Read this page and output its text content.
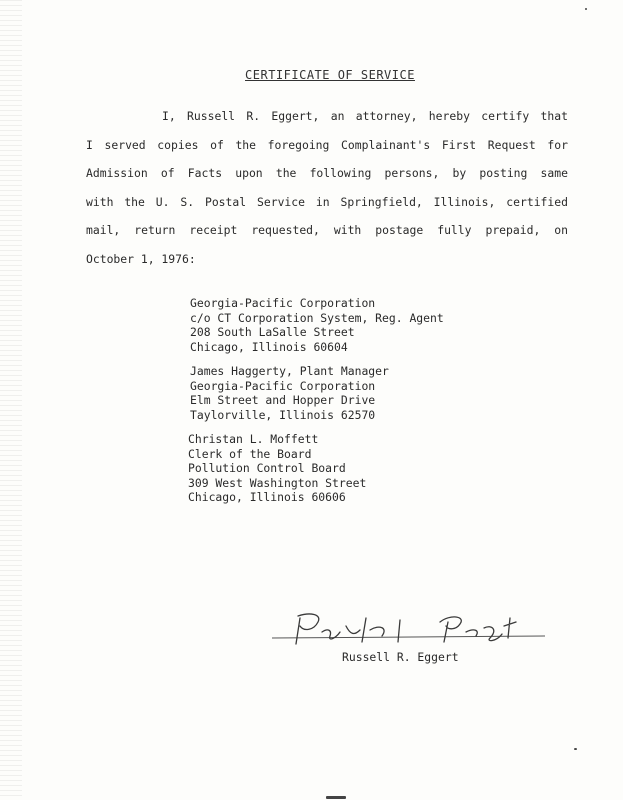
CERTIFICATE OF SERVICE
I, Russell R. Eggert, an attorney, hereby certify that
I served copies of the foregoing Complainant's First Request for
Admission of Facts upon the following persons, by posting same
with the U. S. Postal Service in Springfield, Illinois, certified
mail, return receipt requested, with postage fully prepaid, on
October 1, 1976:
Georgia-Pacific Corporation
c/o CT Corporation System, Reg. Agent
208 South LaSalle Street
Chicago, Illinois 60604
James Haggerty, Plant Manager
Georgia-Pacific Corporation
Elm Street and Hopper Drive
Taylorville, Illinois 62570
Christan L. Moffett
Clerk of the Board
Pollution Control Board
309 West Washington Street
Chicago, Illinois 60606
Russell R. Eggert
